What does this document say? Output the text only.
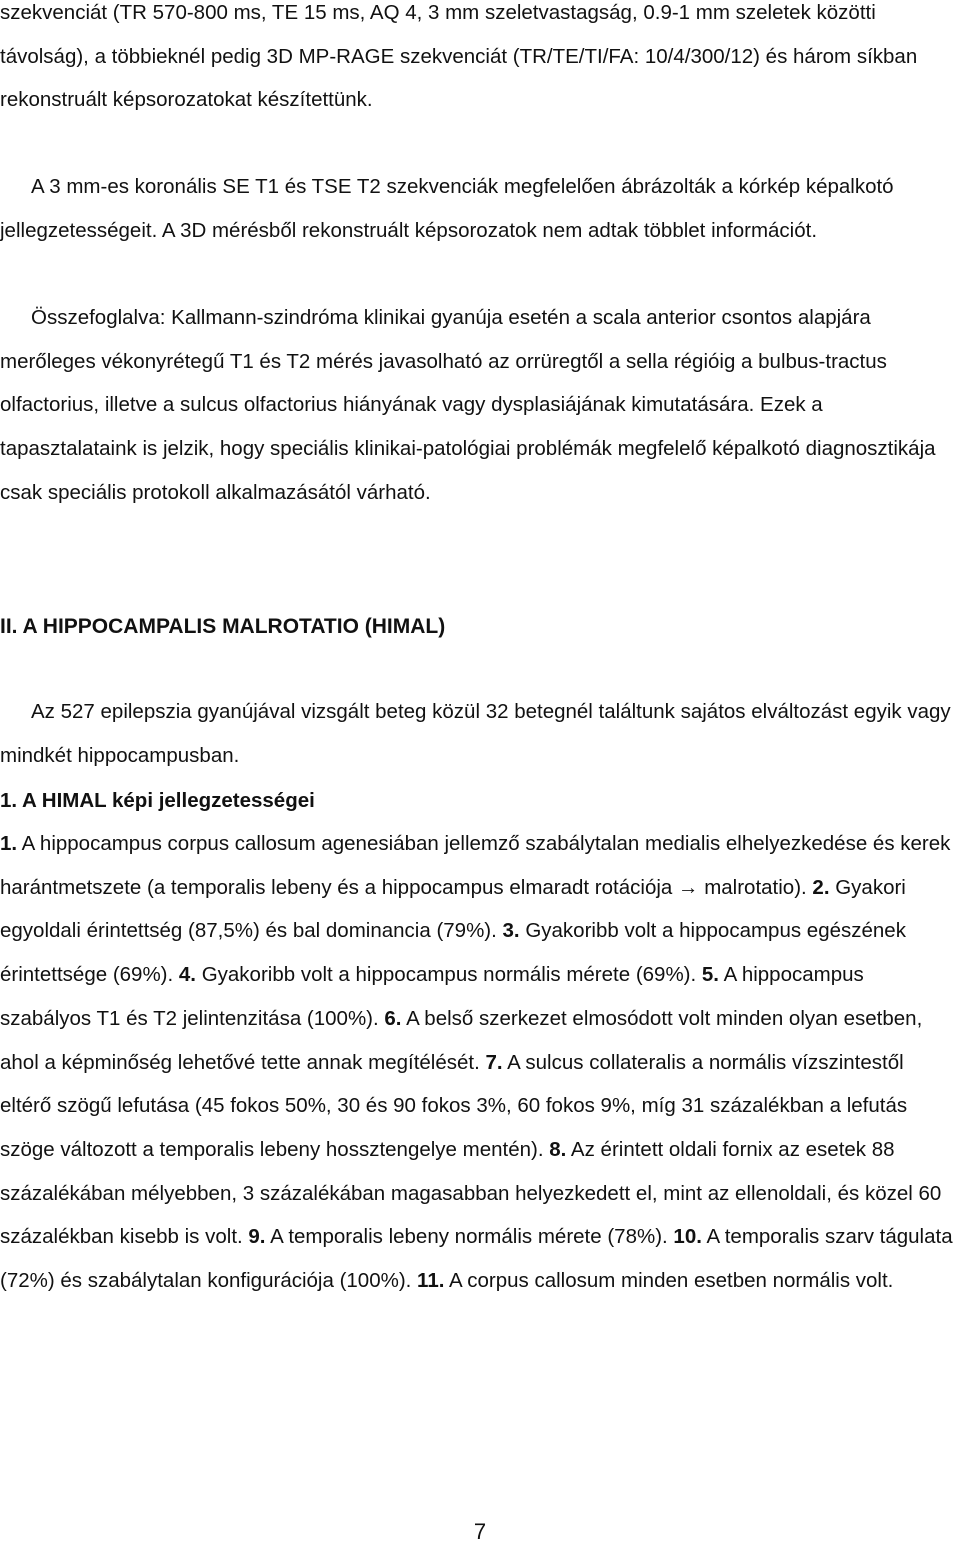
szekvenciát (TR 570-800 ms, TE 15 ms, AQ 4, 3 mm szeletvastagság, 0.9-1 mm szeletek közötti távolság), a többieknél pedig 3D MP-RAGE szekvenciát (TR/TE/TI/FA: 10/4/300/12) és három síkban rekonstruált képsorozatokat készítettünk.

A 3 mm-es koronális SE T1 és TSE T2 szekvenciák megfelelően ábrázolták a kórkép képalkotó jellegzetességeit. A 3D mérésből rekonstruált képsorozatok nem adtak többlet információt.

Összefoglalva: Kallmann-szindróma klinikai gyanúja esetén a scala anterior csontos alapjára merőleges vékonyrétegű T1 és T2 mérés javasolható az orrüregtől a sella régióig a bulbus-tractus olfactorius, illetve a sulcus olfactorius hiányának vagy dysplasiájának kimutatására. Ezek a tapasztalataink is jelzik, hogy speciális klinikai-patológiai problémák megfelelő képalkotó diagnosztikája csak speciális protokoll alkalmazásától várható.

II. A HIPPOCAMPALIS MALROTATIO (HIMAL)

Az 527 epilepszia gyanújával vizsgált beteg közül 32 betegnél találtunk sajátos elváltozást egyik vagy mindkét hippocampusban.

1. A HIMAL képi jellegzetességei

1. A hippocampus corpus callosum agenesiában jellemző szabálytalan medialis elhelyezkedése és kerek harántmetszete (a temporalis lebeny és a hippocampus elmaradt rotációja → malrotatio). 2. Gyakori egyoldali érintettség (87,5%) és bal dominancia (79%). 3. Gyakoribb volt a hippocampus egészének érintettsége (69%). 4. Gyakoribb volt a hippocampus normális mérete (69%). 5. A hippocampus szabályos T1 és T2 jelintenzitása (100%). 6. A belső szerkezet elmosódott volt minden olyan esetben, ahol a képminőség lehetővé tette annak megítélését. 7. A sulcus collateralis a normális vízszintestől eltérő szögű lefutása (45 fokos 50%, 30 és 90 fokos 3%, 60 fokos 9%, míg 31 százalékban a lefutás szöge változott a temporalis lebeny hossztengelye mentén). 8. Az érintett oldali fornix az esetek 88 százalékában mélyebben, 3 százalékában magasabban helyezkedett el, mint az ellenoldali, és közel 60 százalékban kisebb is volt. 9. A temporalis lebeny normális mérete (78%). 10. A temporalis szarv tágulata (72%) és szabálytalan konfigurációja (100%). 11. A corpus callosum minden esetben normális volt.

7
